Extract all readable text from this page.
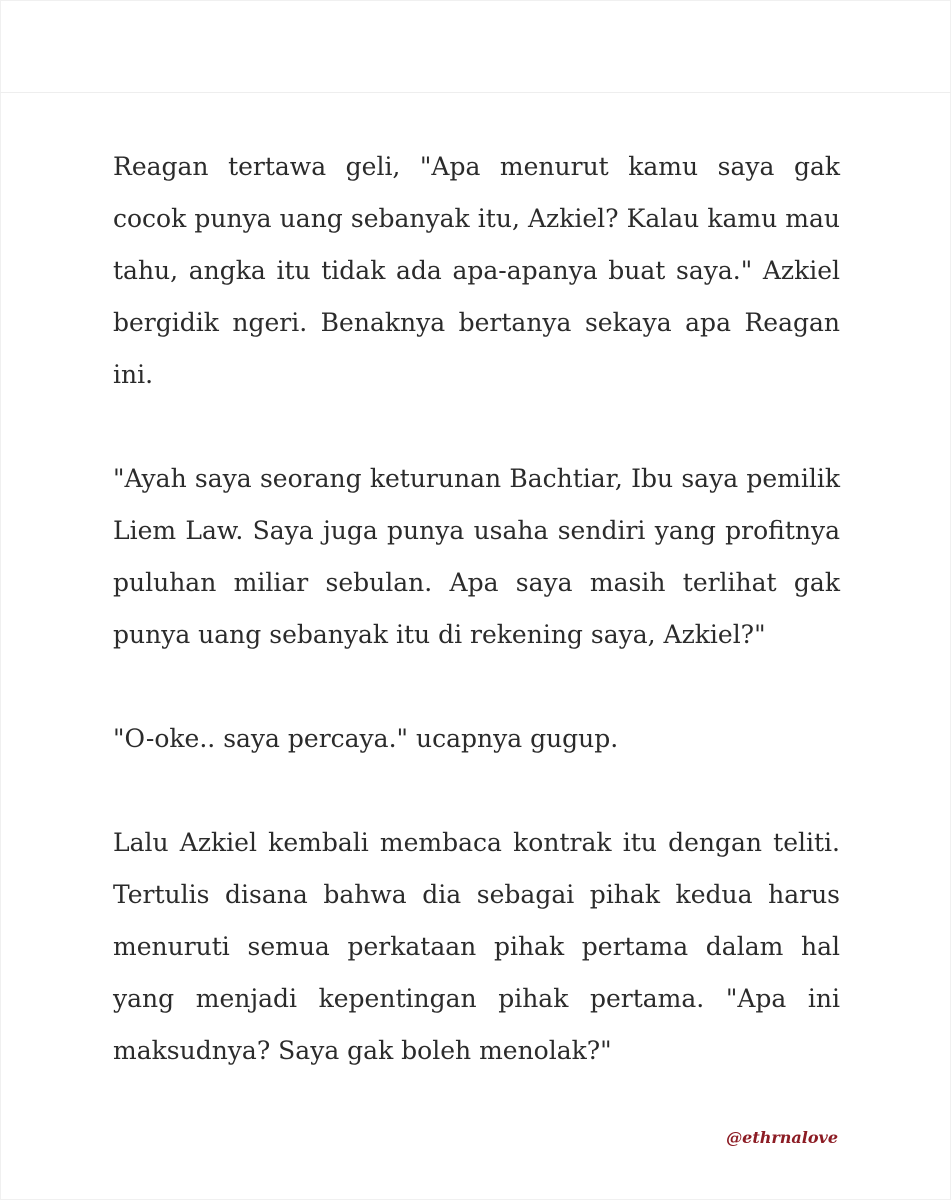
Reagan tertawa geli, "Apa menurut kamu saya gak cocok punya uang sebanyak itu, Azkiel? Kalau kamu mau tahu, angka itu tidak ada apa-apanya buat saya." Azkiel bergidik ngeri. Benaknya bertanya sekaya apa Reagan ini.

"Ayah saya seorang keturunan Bachtiar, Ibu saya pemilik Liem Law. Saya juga punya usaha sendiri yang profitnya puluhan miliar sebulan. Apa saya masih terlihat gak punya uang sebanyak itu di rekening saya, Azkiel?"

"O-oke.. saya percaya." ucapnya gugup.

Lalu Azkiel kembali membaca kontrak itu dengan teliti. Tertulis disana bahwa dia sebagai pihak kedua harus menuruti semua perkataan pihak pertama dalam hal yang menjadi kepentingan pihak pertama. "Apa ini maksudnya? Saya gak boleh menolak?"

@ethrnalove
